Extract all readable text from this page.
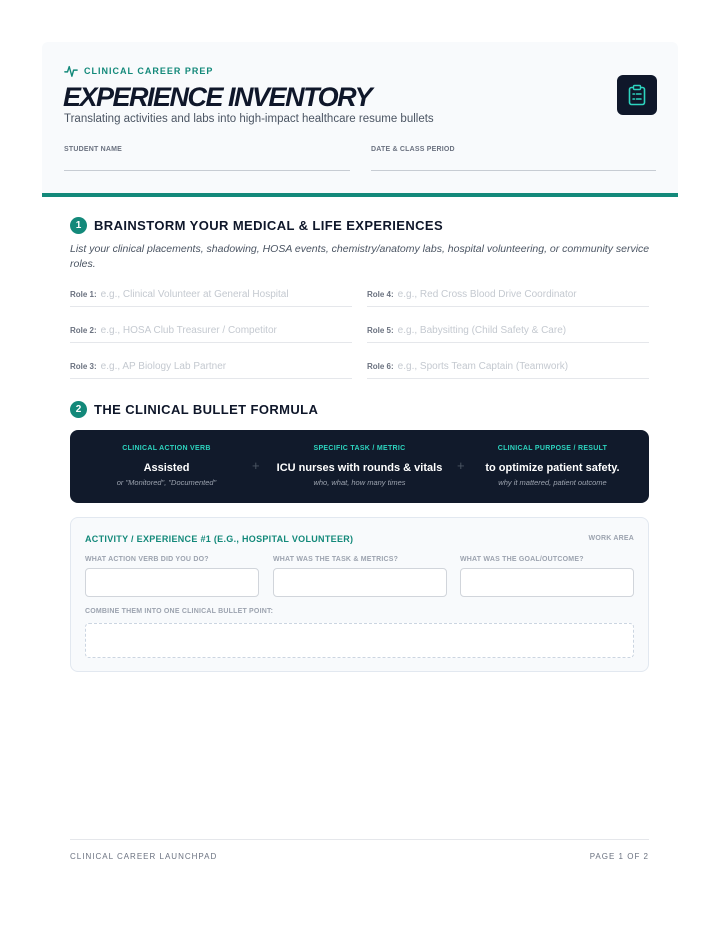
CLINICAL CAREER PREP
EXPERIENCE INVENTORY
Translating activities and labs into high-impact healthcare resume bullets
STUDENT NAME	DATE & CLASS PERIOD
1 BRAINSTORM YOUR MEDICAL & LIFE EXPERIENCES
List your clinical placements, shadowing, HOSA events, chemistry/anatomy labs, hospital volunteering, or community service roles.
Role 1:
e.g., Clinical Volunteer at General Hospital
Role 2:
e.g., HOSA Club Treasurer / Competitor
Role 3:
e.g., AP Biology Lab Partner
Role 4:
e.g., Red Cross Blood Drive Coordinator
Role 5:
e.g., Babysitting (Child Safety & Care)
Role 6:
e.g., Sports Team Captain (Teamwork)
2 THE CLINICAL BULLET FORMULA
CLINICAL ACTION VERB
Assisted
or "Monitored", "Documented"
+
SPECIFIC TASK / METRIC
ICU nurses with rounds & vitals
who, what, how many times
+
CLINICAL PURPOSE / RESULT
to optimize patient safety.
why it mattered, patient outcome
ACTIVITY / EXPERIENCE #1 (E.G., HOSPITAL VOLUNTEER)	WORK AREA
WHAT ACTION VERB DID YOU DO?	WHAT WAS THE TASK & METRICS?	WHAT WAS THE GOAL/OUTCOME?
COMBINE THEM INTO ONE CLINICAL BULLET POINT:
CLINICAL CAREER LAUNCHPAD	PAGE 1 OF 2
